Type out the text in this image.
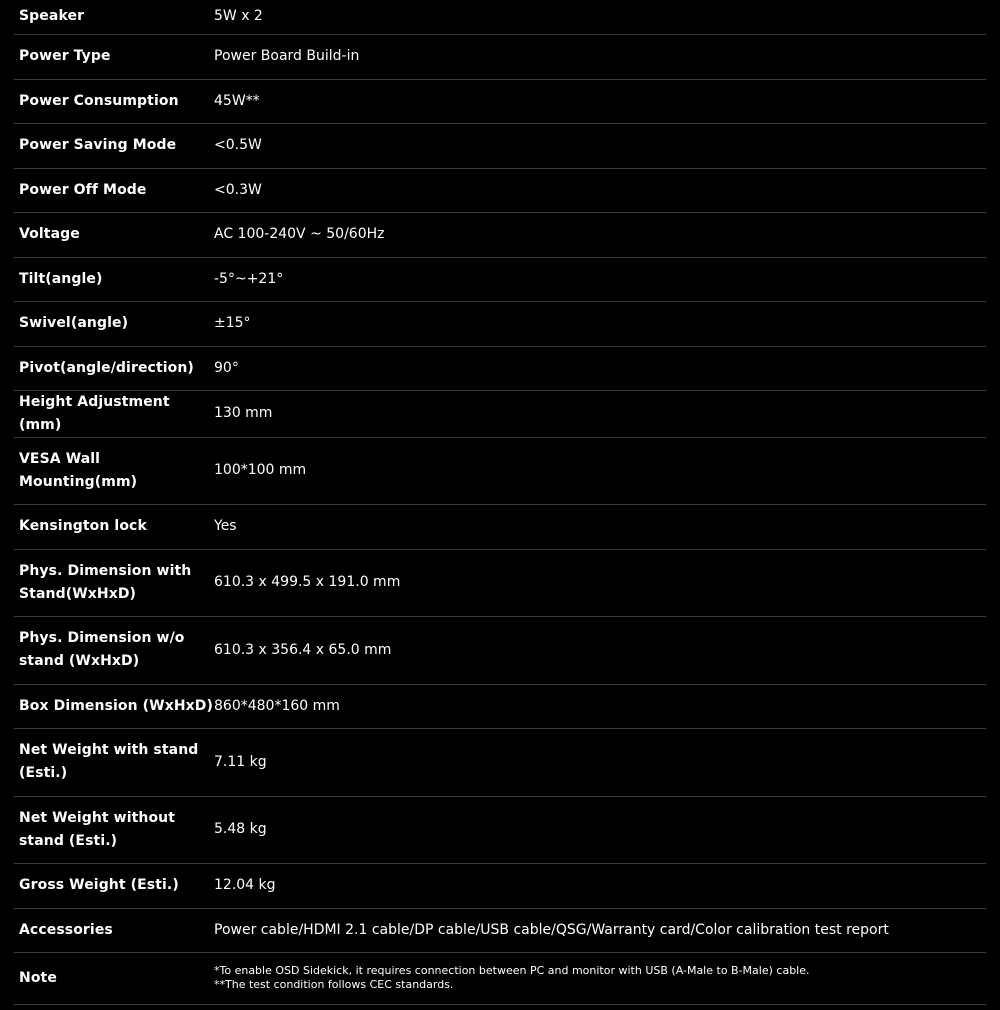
Speaker	5W x 2
Power Type	Power Board Build-in
Power Consumption	45W**
Power Saving Mode	<0.5W
Power Off Mode	<0.3W
Voltage	AC 100-240V ~ 50/60Hz
Tilt(angle)	-5°~+21°
Swivel(angle)	±15°
Pivot(angle/direction)	90°
Height Adjustment (mm)	130 mm
VESA Wall Mounting(mm)	100*100 mm
Kensington lock	Yes
Phys. Dimension with Stand(WxHxD)	610.3 x 499.5 x 191.0 mm
Phys. Dimension w/o stand (WxHxD)	610.3 x 356.4 x 65.0 mm
Box Dimension (WxHxD)	860*480*160 mm
Net Weight with stand (Esti.)	7.11 kg
Net Weight without stand (Esti.)	5.48 kg
Gross Weight (Esti.)	12.04 kg
Accessories	Power cable/HDMI 2.1 cable/DP cable/USB cable/QSG/Warranty card/Color calibration test report
Note	*To enable OSD Sidekick, it requires connection between PC and monitor with USB (A-Male to B-Male) cable.
**The test condition follows CEC standards.
